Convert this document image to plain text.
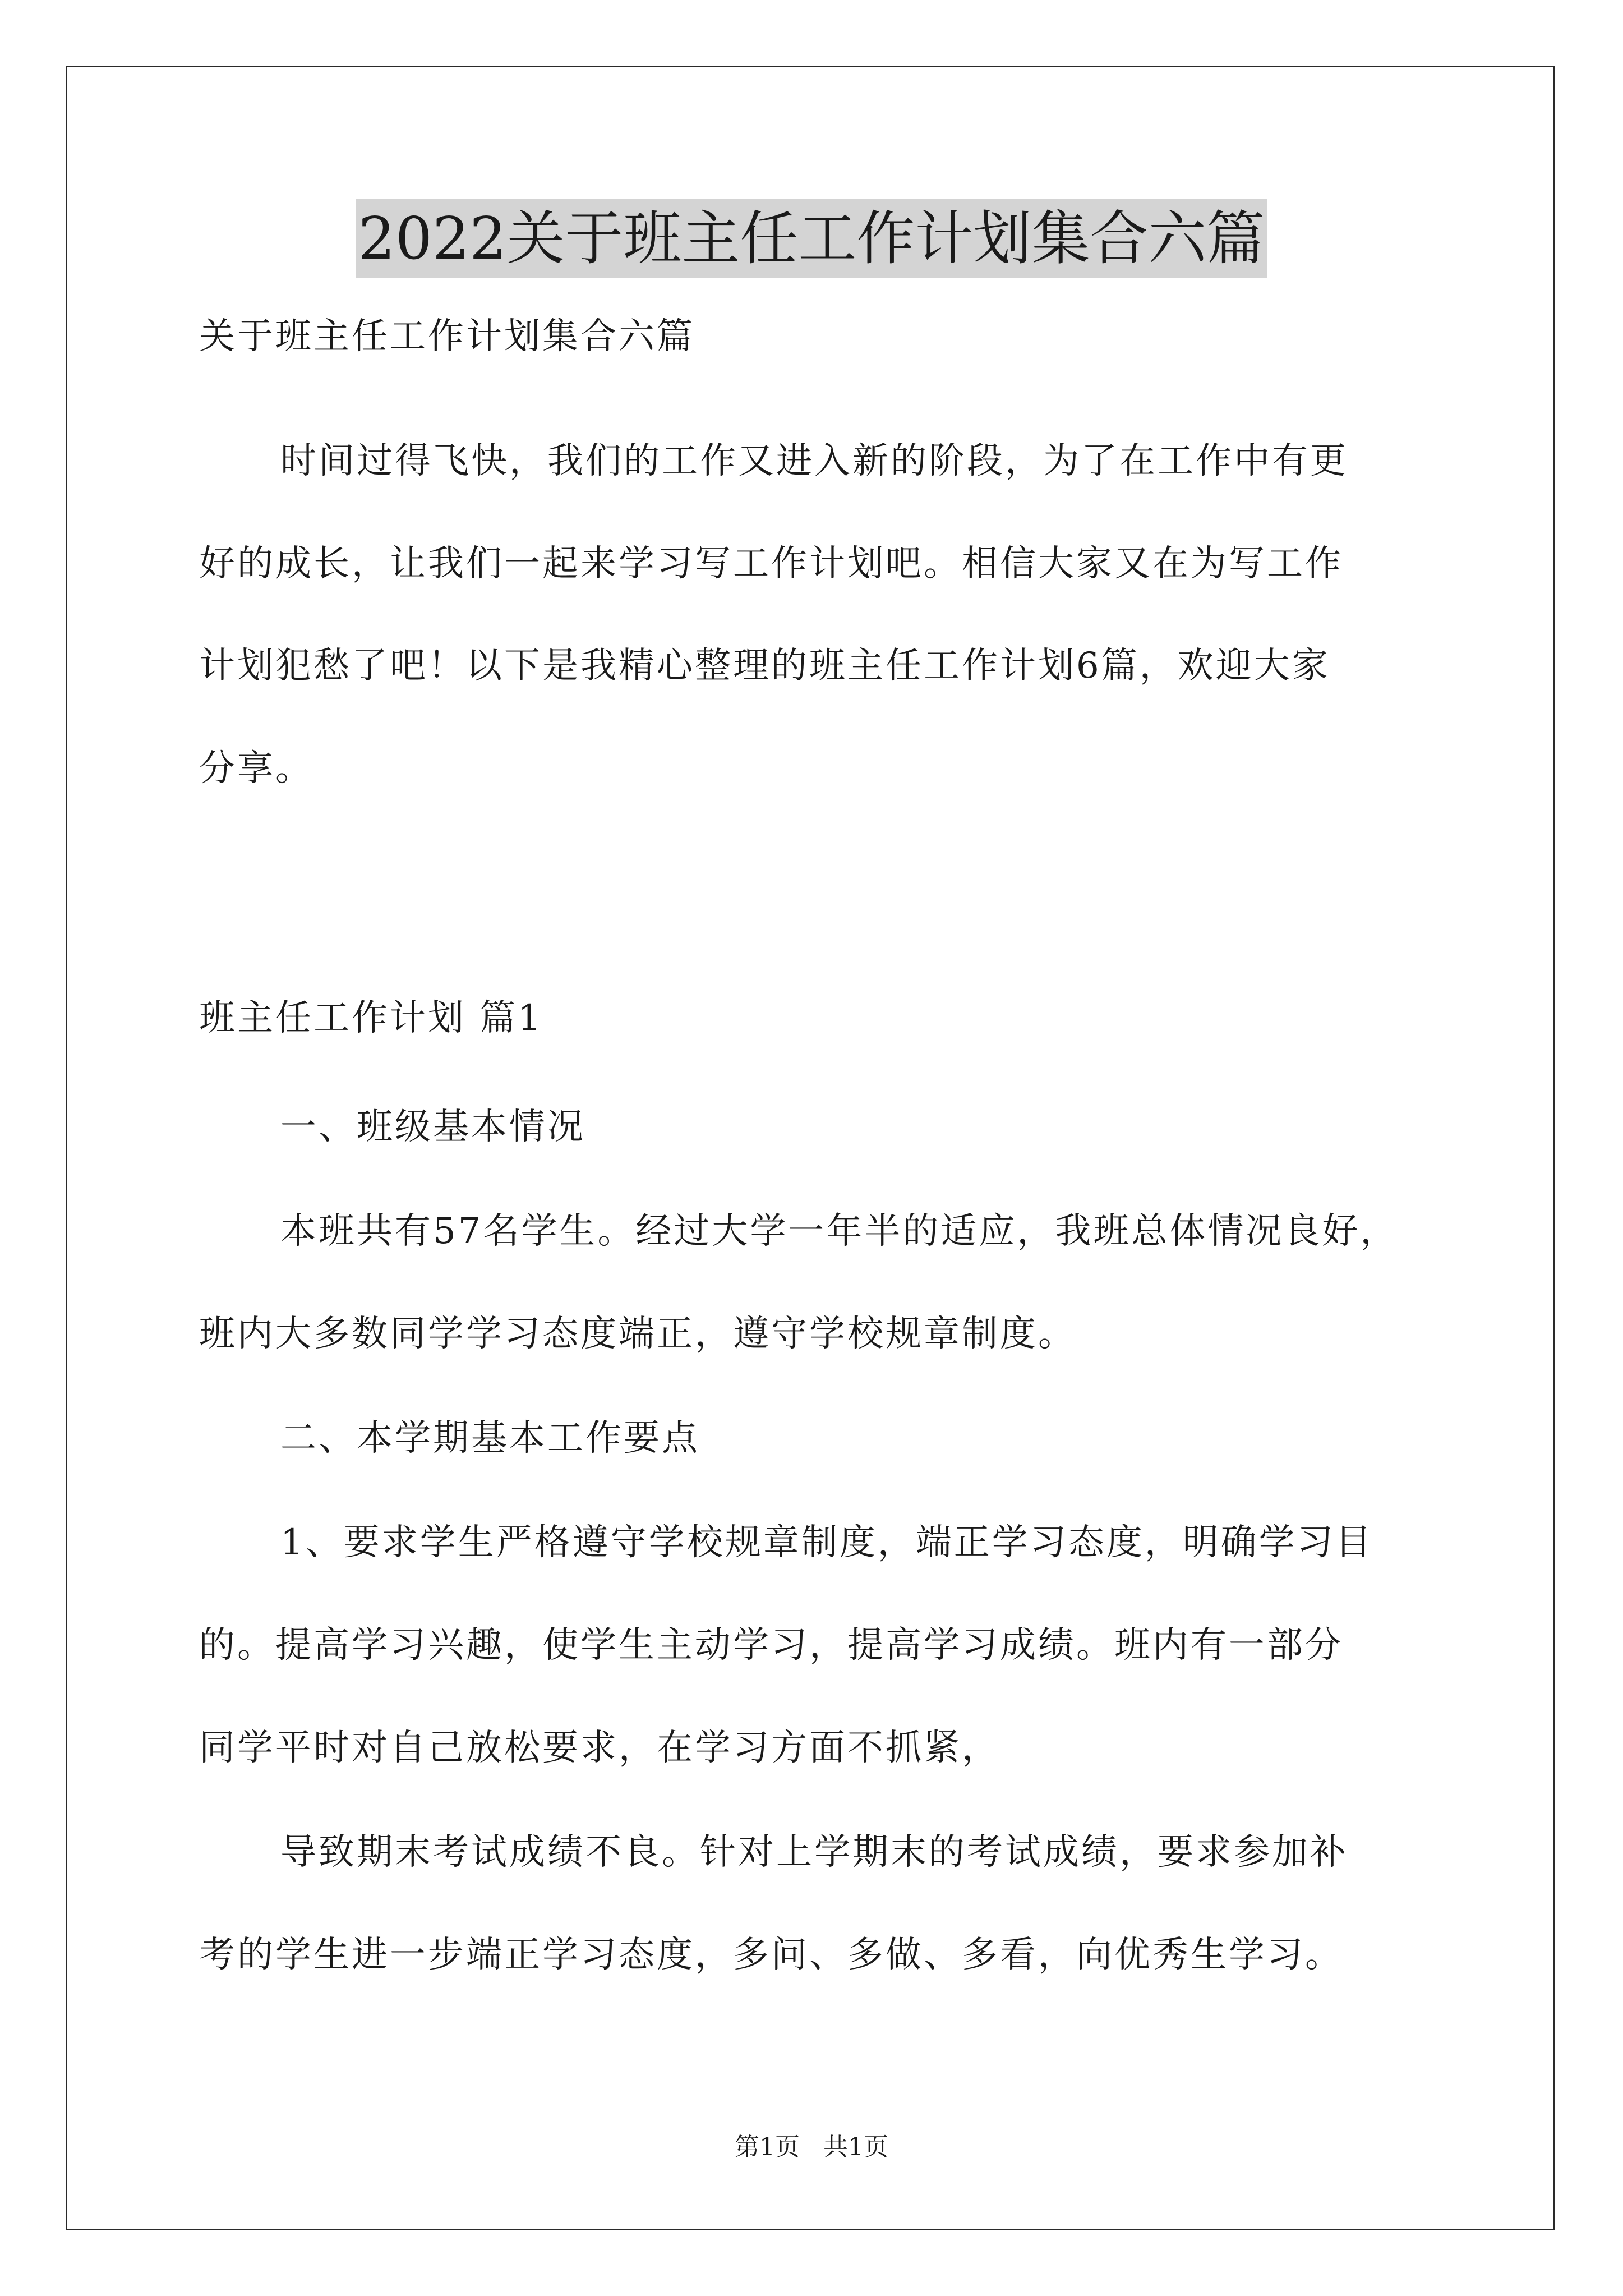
2022关于班主任工作计划集合六篇
关于班主任工作计划集合六篇
时间过得飞快，我们的工作又进入新的阶段，为了在工作中有更
好的成长，让我们一起来学习写工作计划吧。相信大家又在为写工作
计划犯愁了吧！以下是我精心整理的班主任工作计划6篇，欢迎大家
分享。
班主任工作计划 篇1
一、班级基本情况
本班共有57名学生。经过大学一年半的适应，我班总体情况良好，
班内大多数同学学习态度端正，遵守学校规章制度。
二、本学期基本工作要点
1、要求学生严格遵守学校规章制度，端正学习态度，明确学习目
的。提高学习兴趣，使学生主动学习，提高学习成绩。班内有一部分
同学平时对自己放松要求，在学习方面不抓紧，
导致期末考试成绩不良。针对上学期末的考试成绩，要求参加补
考的学生进一步端正学习态度，多问、多做、多看，向优秀生学习。
第1页   共1页
